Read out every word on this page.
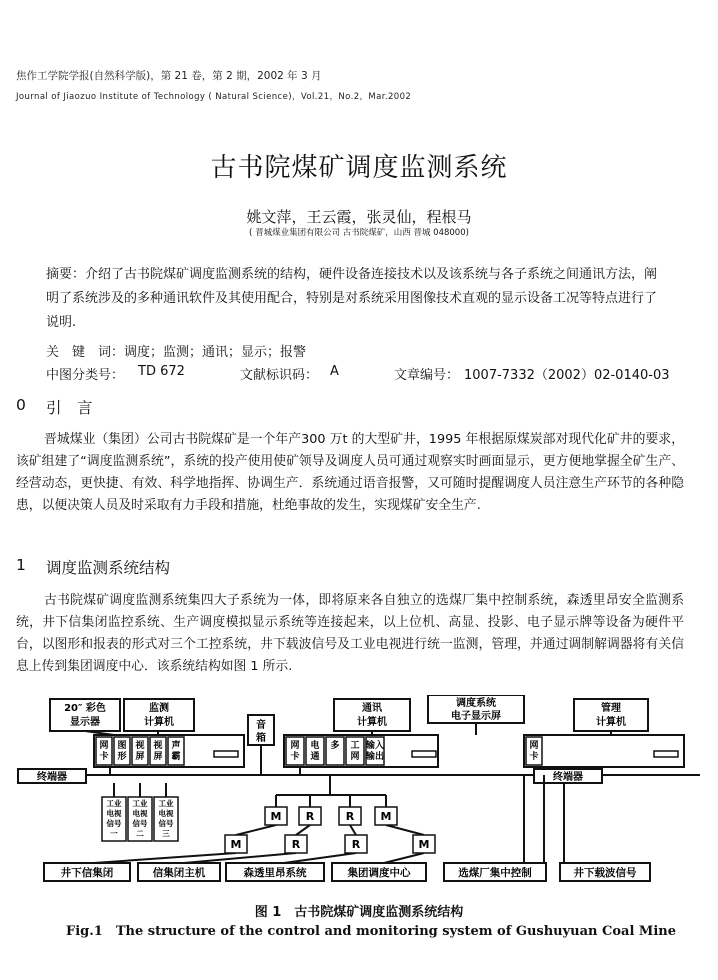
焦作工学院学报(自然科学版)，第 21 卷，第 2 期，2002 年 3 月
Journal of Jiaozuo Institute of Technology ( Natural Science)，Vol.21，No.2，Mar.2002
古书院煤矿调度监测系统
姚文萍，王云霞，张灵仙，程根马
( 晋城煤业集团有限公司 古书院煤矿，山西 晋城 048000)
摘要：介绍了古书院煤矿调度监测系统的结构，硬件设备连接技术以及该系统与各子系统之间通讯方法，阐明了系统涉及的多种通讯软件及其使用配合，特别是对系统采用图像技术直观的显示设备工况等特点进行了说明.
关　键　词：调度；监测；通讯；显示；报警
中图分类号： TD 672	文献标识码： A	文章编号： 1007-7332（2002）02-0140-03
0 引　言
晋城煤业（集团）公司古书院煤矿是一个年产300 万t 的大型矿井，1995 年根据原煤炭部对现代化矿井的要求，该矿组建了“调度监测系统”，系统的投产使用使矿领导及调度人员可通过观察实时画面显示，更方便地掌握全矿生产、经营动态，更快捷、有效、科学地指挥、协调生产．系统通过语音报警，又可随时提醒调度人员注意生产环节的各种隐患，以便决策人员及时采取有力手段和措施，杜绝事故的发生，实现煤矿安全生产.
1 调度监测系统结构
古书院煤矿调度监测系统集四大子系统为一体，即将原来各自独立的选煤厂集中控制系统，森透里昂安全监测系统，井下信集闭监控系统、生产调度模拟显示系统等连接起来，以上位机、高显、投影、电子显示牌等设备为硬件平台，以图形和报表的形式对三个工控系统，井下载波信号及工业电视进行统一监测，管理，并通过调制解调器将有关信息上传到集团调度中心．该系统结构如图 1 所示.
20″ 彩色
显示器
监测
计算机	音
箱
通讯
计算机
调度系统
电子显示屏
管理
计算机
终端器	终端器
网
卡
图
形
视
屏
视
屏
声
霸
网
卡
电
通
多 工
网
输入
输出
网
卡
工业
电视
信号
一
工业
电视
信号
二
工业
电视
信号
三
M R	R M
M	R	R	M
井下信集闭	信集闭主机	森透里昂系统	集团调度中心	选煤厂集中控制	井下载波信号
图 1　古书院煤矿调度监测系统结构
Fig.1　The structure of the control and monitoring system of Gushuyuan Coal Mine
